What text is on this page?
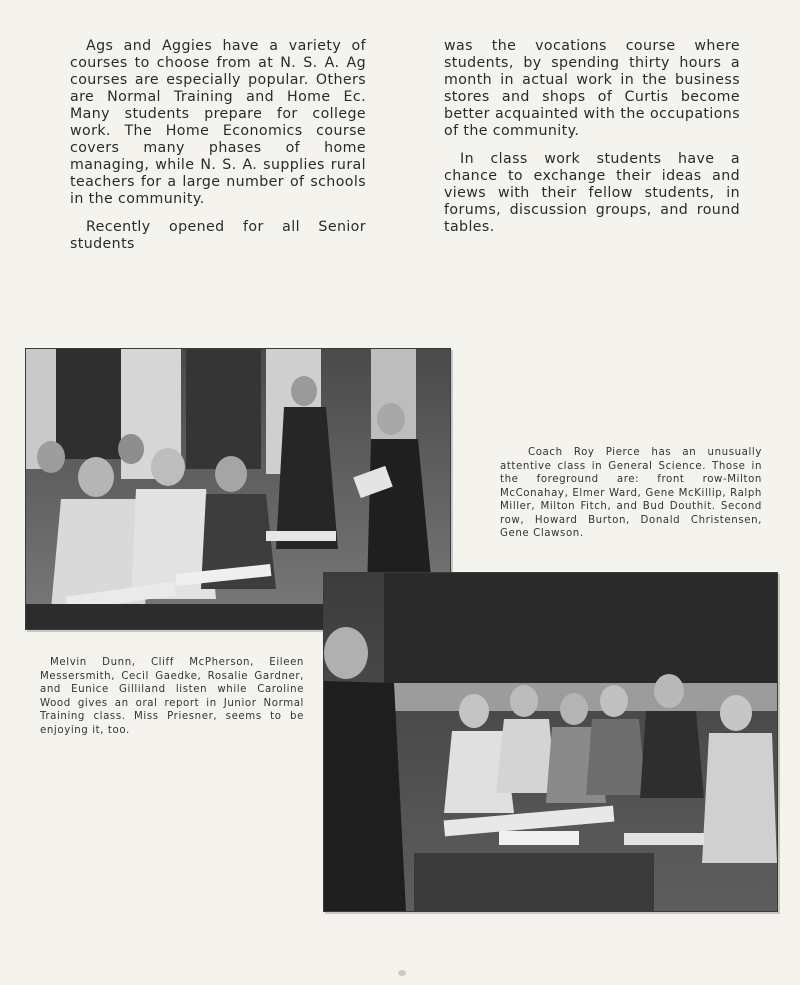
Ags and Aggies have a variety of courses to choose from at N. S. A. Ag courses are especially popular. Others are Normal Training and Home Ec. Many students prepare for college work. The Home Economics course covers many phases of home managing, while N. S. A. supplies rural teachers for a large number of schools in the community.

Recently opened for all Senior students

was the vocations course where students, by spending thirty hours a month in actual work in the business stores and shops of Curtis become better acquainted with the occupations of the community.

In class work students have a chance to exchange their ideas and views with their fellow students, in forums, discussion groups, and round tables.

Coach Roy Pierce has an unusually attentive class in General Science. Those in the foreground are: front row-Milton McConahay, Elmer Ward, Gene McKillip, Ralph Miller, Milton Fitch, and Bud Douthit. Second row, Howard Burton, Donald Christensen, Gene Clawson.
Melvin Dunn, Cliff McPherson, Eileen Messersmith, Cecil Gaedke, Rosalie Gardner, and Eunice Gilliland listen while Caroline Wood gives an oral report in Junior Normal Training class. Miss Priesner, seems to be enjoying it, too.
